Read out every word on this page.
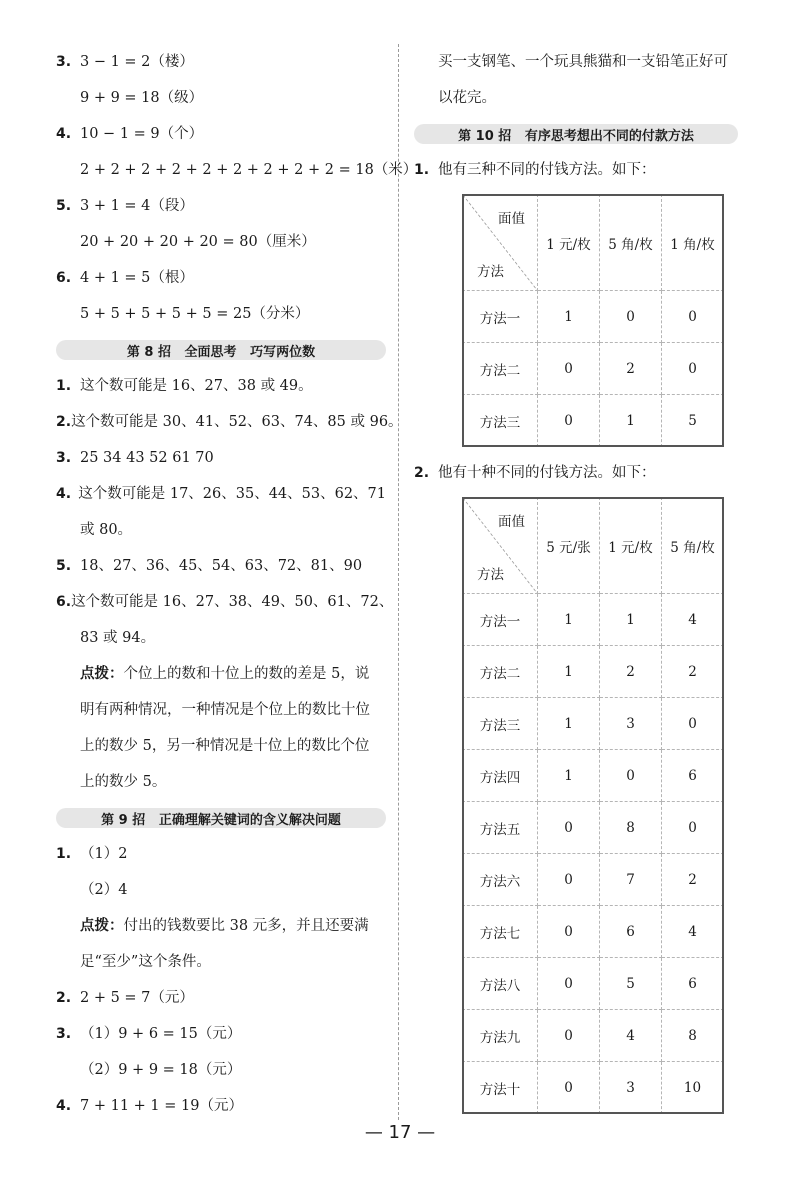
3. 3 − 1 = 2（楼）
9 + 9 = 18（级）
4. 10 − 1 = 9（个）
2 + 2 + 2 + 2 + 2 + 2 + 2 + 2 + 2 = 18（米）
5. 3 + 1 = 4（段）
20 + 20 + 20 + 20 = 80（厘米）
6. 4 + 1 = 5（根）
5 + 5 + 5 + 5 + 5 = 25（分米）
第 8 招   全面思考   巧写两位数
1. 这个数可能是 16、27、38 或 49。
2. 这个数可能是 30、41、52、63、74、85 或 96。
3. 25 34 43 52 61 70
4. 这个数可能是 17、26、35、44、53、62、71
或 80。
5. 18、27、36、45、54、63、72、81、90
6. 这个数可能是 16、27、38、49、50、61、72、
83 或 94。
点拨： 个位上的数和十位上的数的差是 5，说
明有两种情况，一种情况是个位上的数比十位
上的数少 5，另一种情况是十位上的数比个位
上的数少 5。
第 9 招   正确理解关键词的含义解决问题
1. （1）2
（2）4
点拨： 付出的钱数要比 38 元多，并且还要满
足“至少”这个条件。
2. 2 + 5 = 7（元）
3. （1）9 + 6 = 15（元）
（2）9 + 9 = 18（元）
4. 7 + 11 + 1 = 19（元）
买一支钢笔、一个玩具熊猫和一支铅笔正好可
以花完。
第 10 招   有序思考想出不同的付款方法
1. 他有三种不同的付钱方法。如下：
面值
方法	1 元/枚	5 角/枚	1 角/枚
方法一	1	0	0
方法二	0	2	0
方法三	0	1	5
2. 他有十种不同的付钱方法。如下：
面值
方法	5 元/张	1 元/枚	5 角/枚
方法一	1	1	4
方法二	1	2	2
方法三	1	3	0
方法四	1	0	6
方法五	0	8	0
方法六	0	7	2
方法七	0	6	4
方法八	0	5	6
方法九	0	4	8
方法十	0	3	10
— 17 —
